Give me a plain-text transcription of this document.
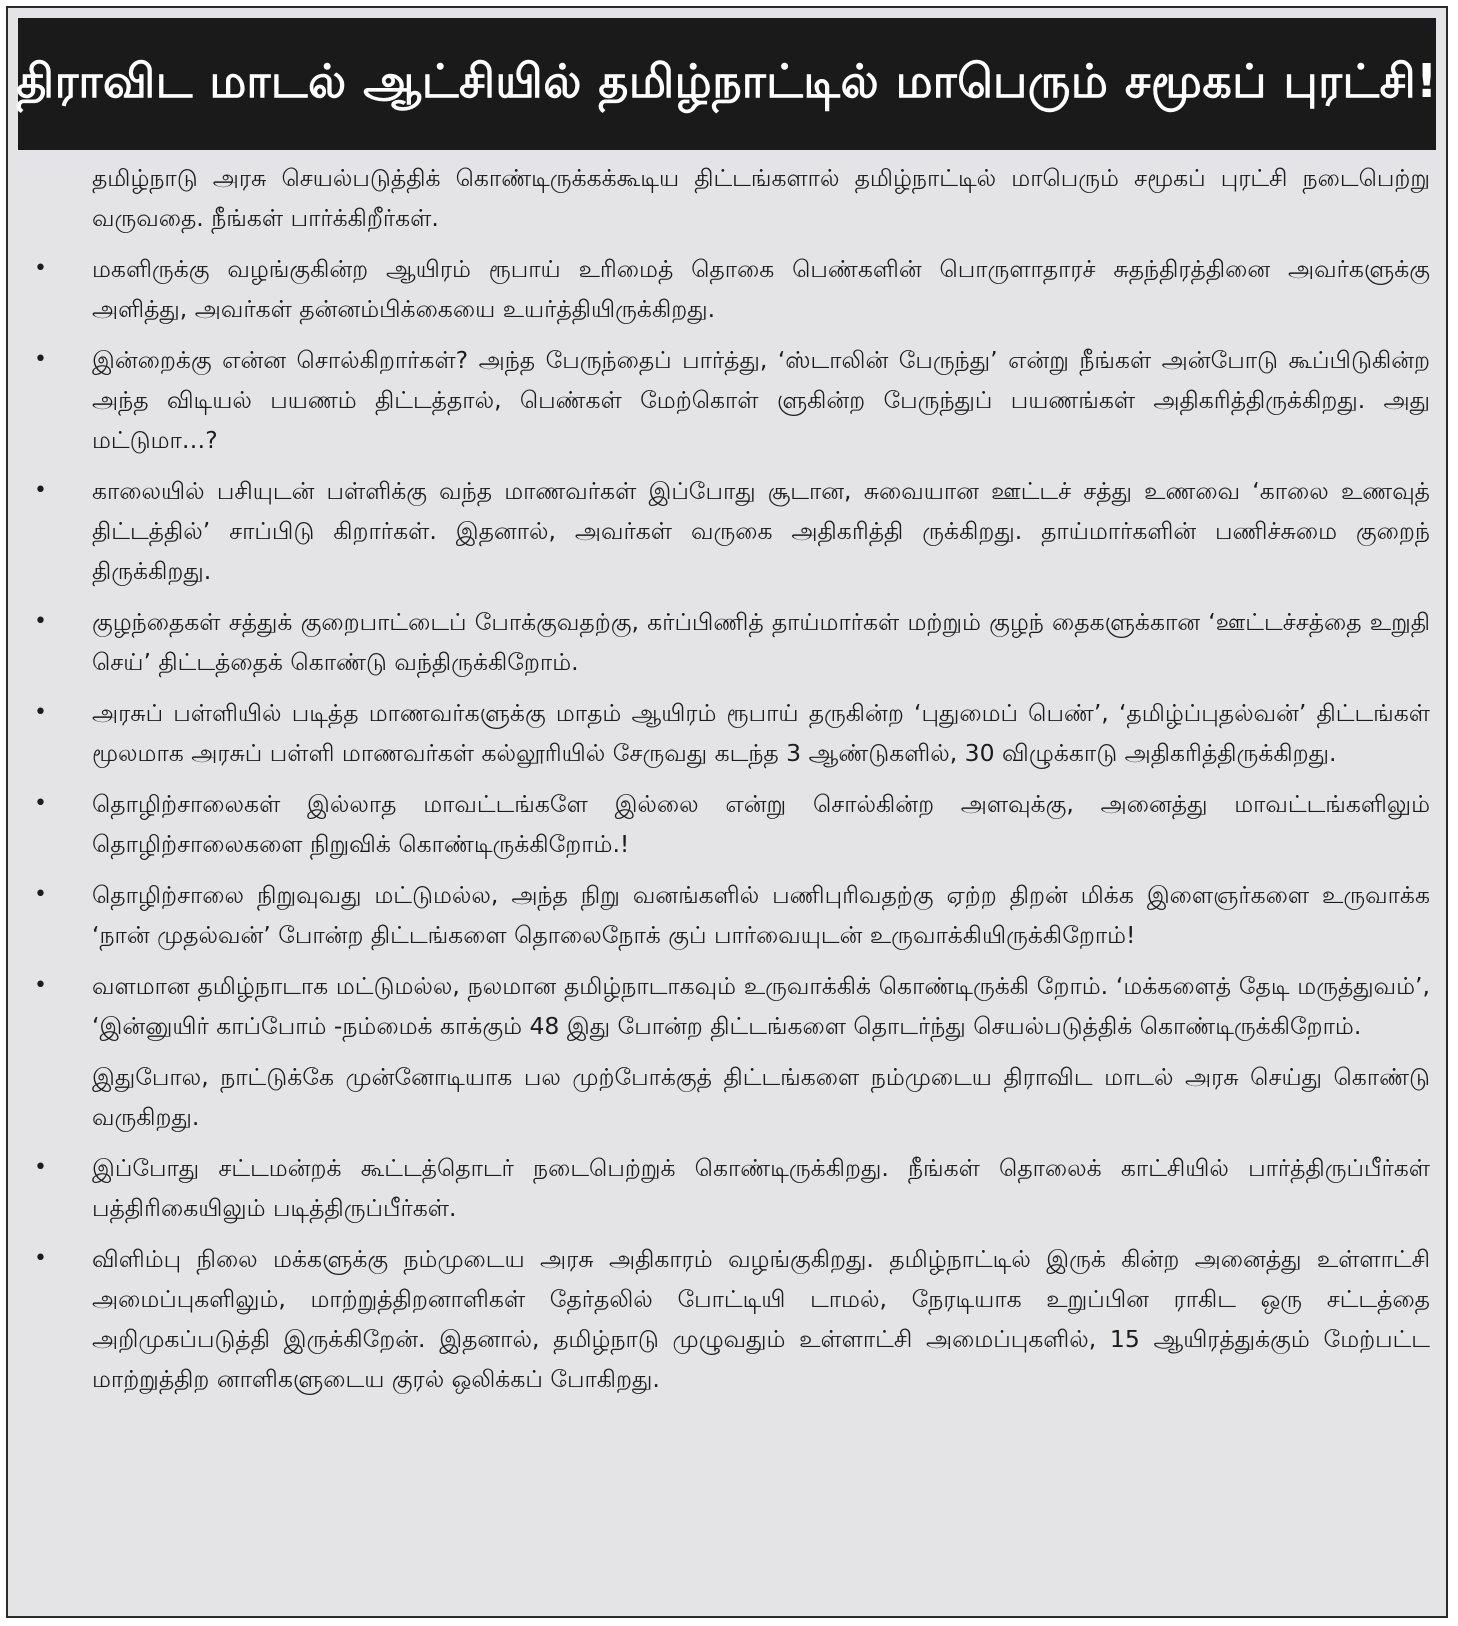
திராவிட மாடல் ஆட்சியில் தமிழ்நாட்டில் மாபெரும் சமூகப் புரட்சி!
தமிழ்நாடு அரசு செயல்படுத்திக் கொண்டிருக்கக்கூடிய திட்டங்களால் தமிழ்நாட்டில் மாபெரும் சமூகப் புரட்சி நடைபெற்று வருவதை. நீங்கள் பார்க்கிறீர்கள்.
• மகளிருக்கு வழங்குகின்ற ஆயிரம் ரூபாய் உரிமைத் தொகை பெண்களின் பொருளாதாரச் சுதந்திரத்தினை அவர்களுக்கு அளித்து, அவர்கள் தன்னம்பிக்கையை உயர்த்தியிருக்கிறது.
• இன்றைக்கு என்ன சொல்கிறார்கள்? அந்த பேருந்தைப் பார்த்து, ‘ஸ்டாலின் பேருந்து’ என்று நீங்கள் அன்போடு கூப்பிடுகின்ற அந்த விடியல் பயணம் திட்டத்தால், பெண்கள் மேற்கொள் ளுகின்ற பேருந்துப் பயணங்கள் அதிகரித்திருக்கிறது. அது மட்டுமா…?
• காலையில் பசியுடன் பள்ளிக்கு வந்த மாணவர்கள் இப்போது சூடான, சுவையான ஊட்டச் சத்து உணவை ‘காலை உணவுத் திட்டத்தில்’ சாப்பிடு கிறார்கள். இதனால், அவர்கள் வருகை அதிகரித்தி ருக்கிறது. தாய்மார்களின் பணிச்சுமை குறைந் திருக்கிறது.
• குழந்தைகள் சத்துக் குறைபாட்டைப் போக்குவதற்கு, கர்ப்பிணித் தாய்மார்கள் மற்றும் குழந் தைகளுக்கான ‘ஊட்டச்சத்தை உறுதி செய்’ திட்டத்தைக் கொண்டு வந்திருக்கிறோம்.
• அரசுப் பள்ளியில் படித்த மாணவர்களுக்கு மாதம் ஆயிரம் ரூபாய் தருகின்ற ‘புதுமைப் பெண்’, ‘தமிழ்ப்புதல்வன்’ திட்டங்கள் மூலமாக அரசுப் பள்ளி மாணவர்கள் கல்லூரியில் சேருவது கடந்த 3 ஆண்டுகளில், 30 விழுக்காடு அதிகரித்திருக்கிறது.
• தொழிற்சாலைகள் இல்லாத மாவட்டங்களே இல்லை என்று சொல்கின்ற அளவுக்கு, அனைத்து மாவட்டங்களிலும் தொழிற்சாலைகளை நிறுவிக் கொண்டிருக்கிறோம்.!
• தொழிற்சாலை நிறுவுவது மட்டுமல்ல, அந்த நிறு வனங்களில் பணிபுரிவதற்கு ஏற்ற திறன் மிக்க இளைஞர்களை உருவாக்க ‘நான் முதல்வன்’ போன்ற திட்டங்களை தொலைநோக் குப் பார்வையுடன் உருவாக்கியிருக்கிறோம்!
• வளமான தமிழ்நாடாக மட்டுமல்ல, நலமான தமிழ்நாடாகவும் உருவாக்கிக் கொண்டிருக்கி றோம். ‘மக்களைத் தேடி மருத்துவம்’, ‘இன்னுயிர் காப்போம் -நம்மைக் காக்கும் 48 இது போன்ற திட்டங்களை தொடர்ந்து செயல்படுத்திக் கொண்டிருக்கிறோம்.
இதுபோல, நாட்டுக்கே முன்னோடியாக பல முற்போக்குத் திட்டங்களை நம்முடைய திராவிட மாடல் அரசு செய்து கொண்டு வருகிறது.
• இப்போது சட்டமன்றக் கூட்டத்தொடர் நடைபெற்றுக் கொண்டிருக்கிறது. நீங்கள் தொலைக் காட்சியில் பார்த்திருப்பீர்கள் பத்திரிகையிலும் படித்திருப்பீர்கள்.
• விளிம்பு நிலை மக்களுக்கு நம்முடைய அரசு அதிகாரம் வழங்குகிறது. தமிழ்நாட்டில் இருக் கின்ற அனைத்து உள்ளாட்சி அமைப்புகளிலும், மாற்றுத்திறனாளிகள் தேர்தலில் போட்டியி டாமல், நேரடியாக உறுப்பின ராகிட ஒரு சட்டத்தை அறிமுகப்படுத்தி இருக்கிறேன். இதனால், தமிழ்நாடு முழுவதும் உள்ளாட்சி அமைப்புகளில், 15 ஆயிரத்துக்கும் மேற்பட்ட மாற்றுத்திற னாளிகளுடைய குரல் ஒலிக்கப் போகிறது.
